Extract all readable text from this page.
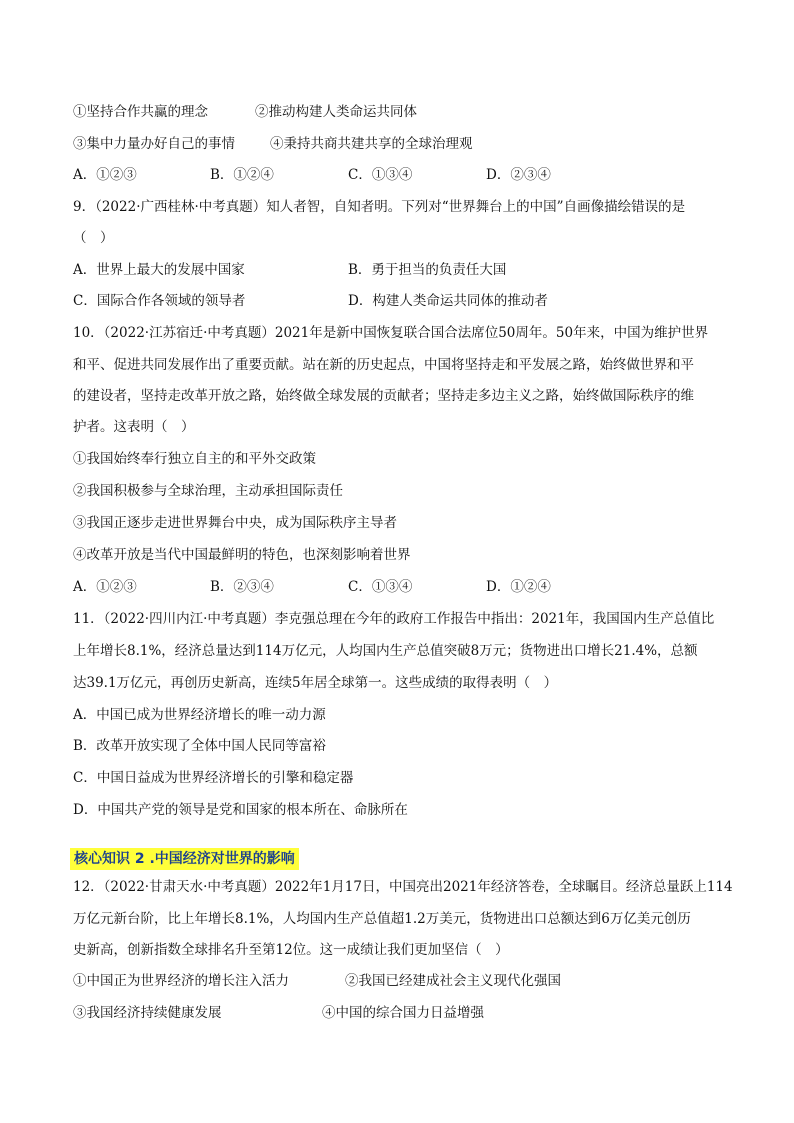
①坚持合作共赢的理念	②推动构建人类命运共同体
③集中力量办好自己的事情	④秉持共商共建共享的全球治理观
A．①②③	B．①②④	C．①③④	D．②③④
9．（2022·广西桂林·中考真题）知人者智，自知者明。下列对“世界舞台上的中国”自画像描绘错误的是
（　）
A．世界上最大的发展中国家	B．勇于担当的负责任大国
C．国际合作各领域的领导者	D．构建人类命运共同体的推动者
10．（2022·江苏宿迁·中考真题）2021年是新中国恢复联合国合法席位50周年。50年来，中国为维护世界
和平、促进共同发展作出了重要贡献。站在新的历史起点，中国将坚持走和平发展之路，始终做世界和平
的建设者，坚持走改革开放之路，始终做全球发展的贡献者；坚持走多边主义之路，始终做国际秩序的维
护者。这表明（　）
①我国始终奉行独立自主的和平外交政策
②我国积极参与全球治理，主动承担国际责任
③我国正逐步走进世界舞台中央，成为国际秩序主导者
④改革开放是当代中国最鲜明的特色，也深刻影响着世界
A．①②③	B．②③④	C．①③④	D．①②④
11．（2022·四川内江·中考真题）李克强总理在今年的政府工作报告中指出：2021年，我国国内生产总值比
上年增长8.1%，经济总量达到114万亿元，人均国内生产总值突破8万元；货物进出口增长21.4%，总额
达39.1万亿元，再创历史新高，连续5年居全球第一。这些成绩的取得表明（　）
A．中国已成为世界经济增长的唯一动力源
B．改革开放实现了全体中国人民同等富裕
C．中国日益成为世界经济增长的引擎和稳定器
D．中国共产党的领导是党和国家的根本所在、命脉所在
核心知识 2 .中国经济对世界的影响
12．（2022·甘肃天水·中考真题）2022年1月17日，中国亮出2021年经济答卷，全球瞩目。经济总量跃上114
万亿元新台阶，比上年增长8.1%，人均国内生产总值超1.2万美元，货物进出口总额达到6万亿美元创历
史新高，创新指数全球排名升至第12位。这一成绩让我们更加坚信（　）
①中国正为世界经济的增长注入活力	②我国已经建成社会主义现代化强国
③我国经济持续健康发展	④中国的综合国力日益增强
